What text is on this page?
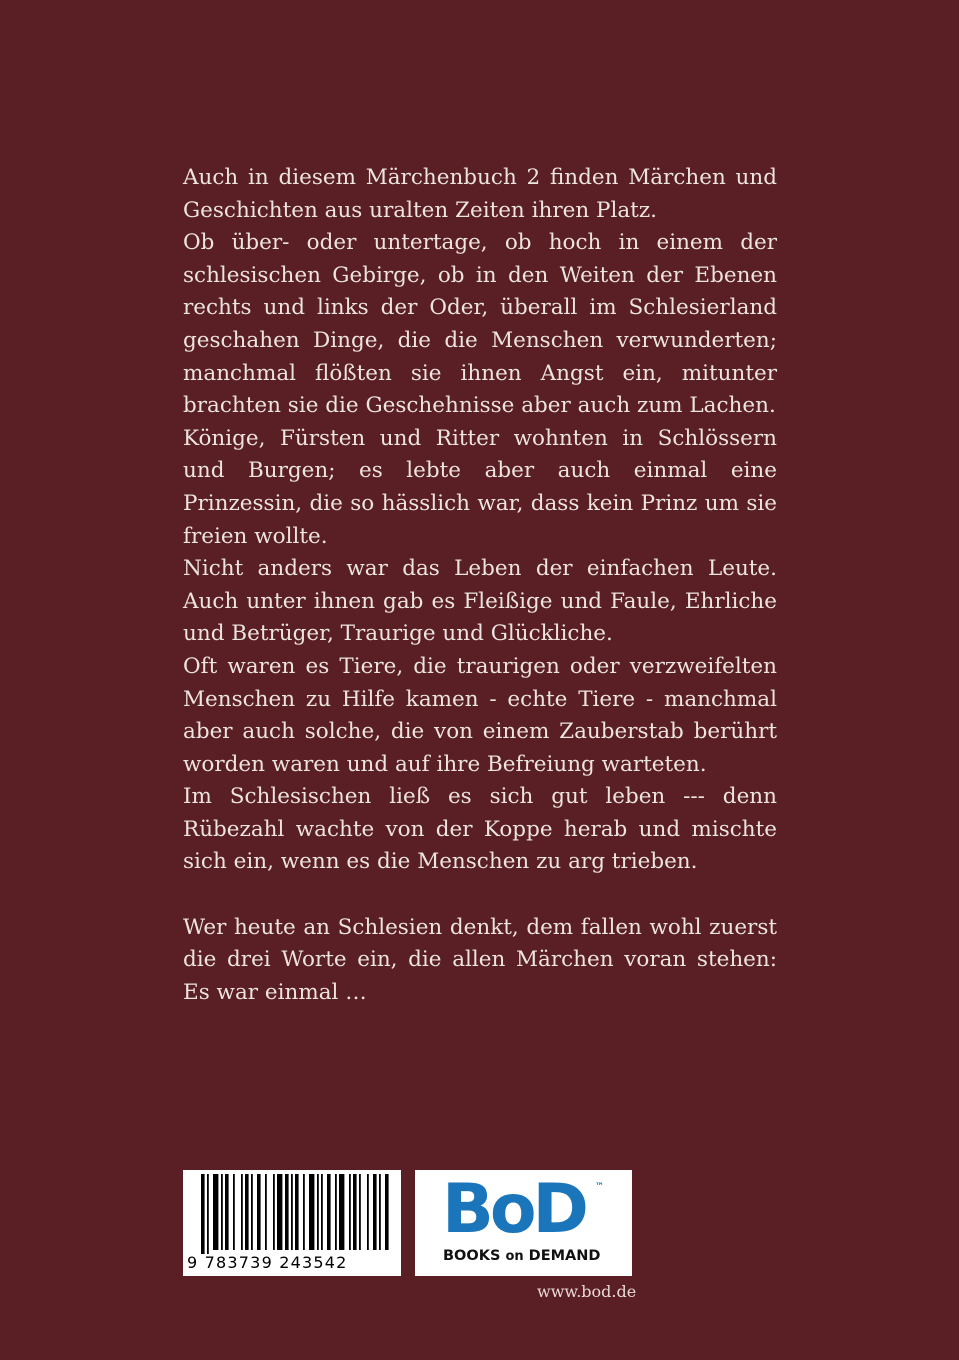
Auch in diesem Märchenbuch 2 finden Märchen und Geschichten aus uralten Zeiten ihren Platz.

Ob über- oder untertage, ob hoch in einem der schlesischen Gebirge, ob in den Weiten der Ebenen rechts und links der Oder, überall im Schlesierland geschahen Dinge, die die Menschen verwunderten; manchmal flößten sie ihnen Angst ein, mitunter brachten sie die Geschehnisse aber auch zum Lachen.

Könige, Fürsten und Ritter wohnten in Schlössern und Burgen; es lebte aber auch einmal eine Prinzessin, die so hässlich war, dass kein Prinz um sie freien wollte.

Nicht anders war das Leben der einfachen Leute. Auch unter ihnen gab es Fleißige und Faule, Ehrliche und Betrüger, Traurige und Glückliche.

Oft waren es Tiere, die traurigen oder verzweifelten Menschen zu Hilfe kamen - echte Tiere - manchmal aber auch solche, die von einem Zauberstab berührt worden waren und auf ihre Befreiung warteten.

Im Schlesischen ließ es sich gut leben --- denn Rübezahl wachte von der Koppe herab und mischte sich ein, wenn es die Menschen zu arg trieben.

Wer heute an Schlesien denkt, dem fallen wohl zuerst die drei Worte ein, die allen Märchen voran stehen: Es war einmal …

9 783739 243542
BoD ™
BOOKS on DEMAND
www.bod.de
